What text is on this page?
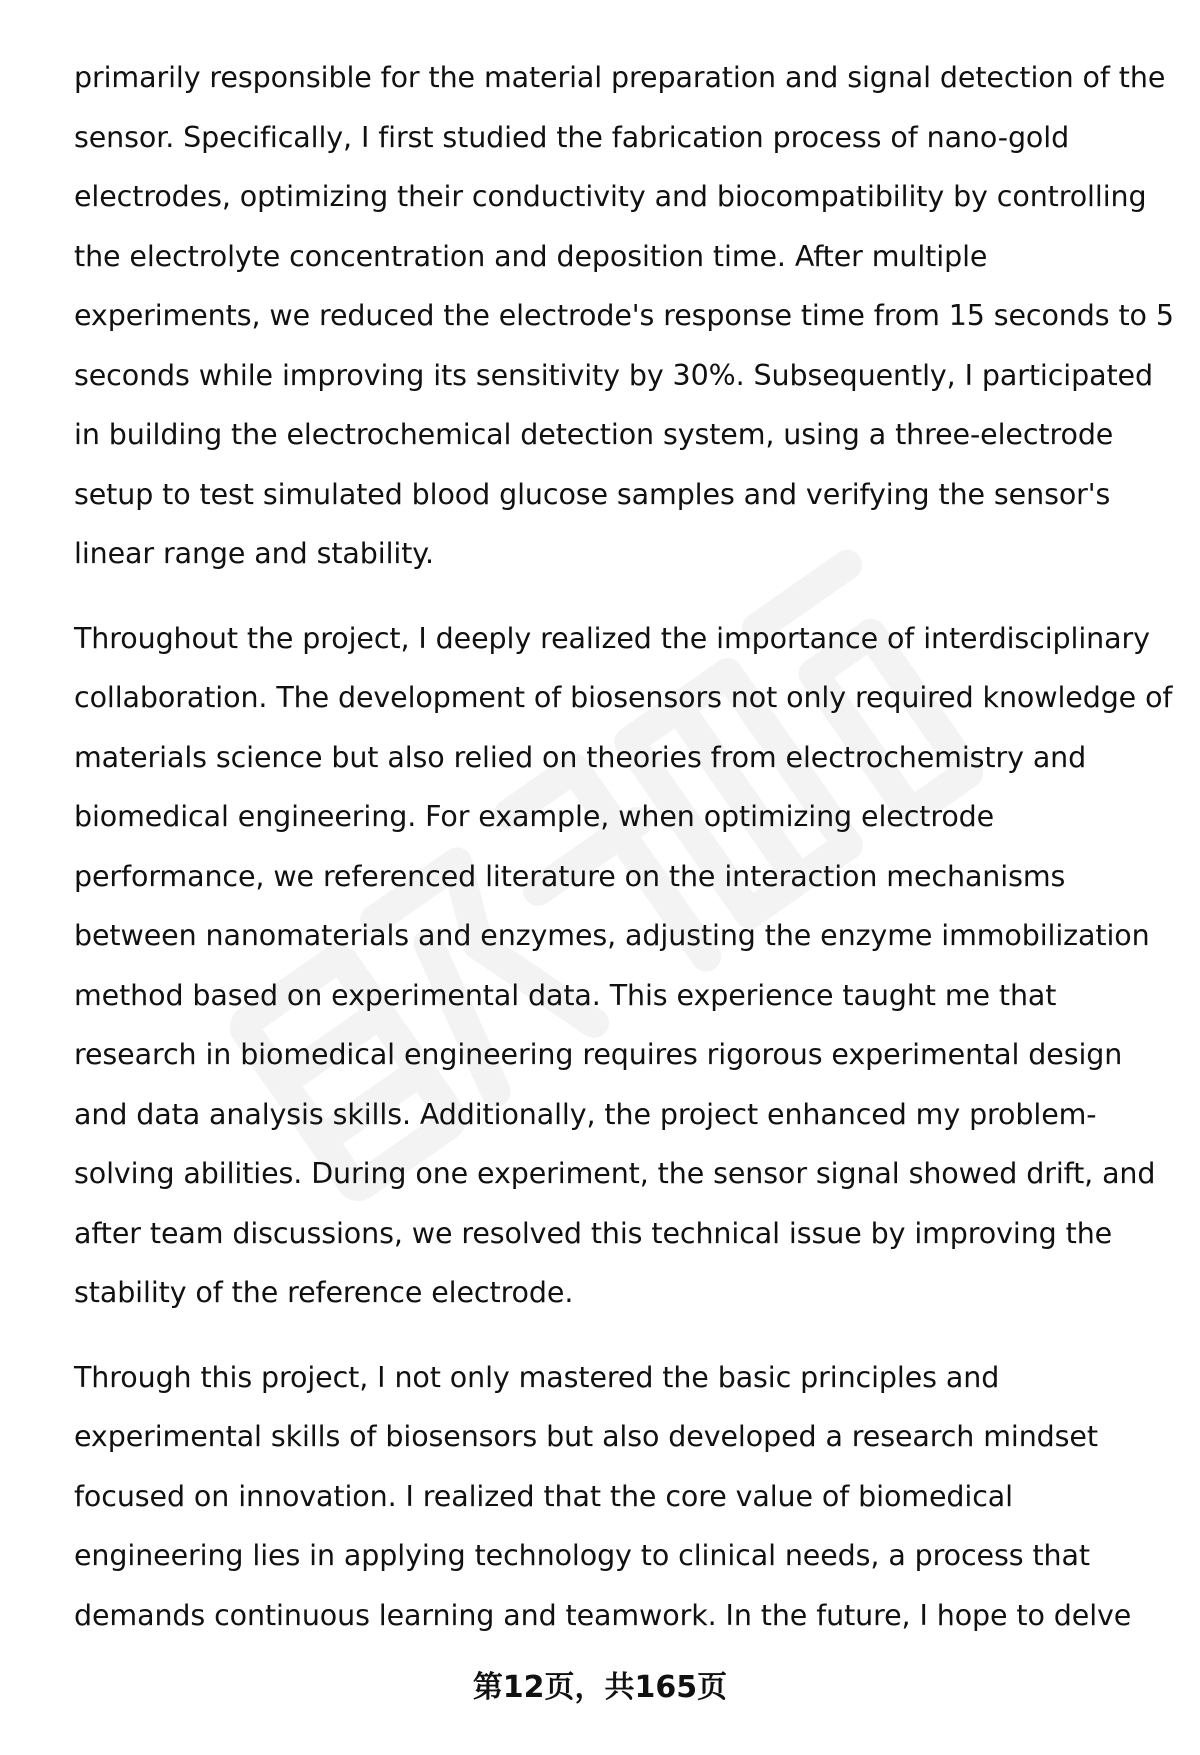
primarily responsible for the material preparation and signal detection of the sensor. Specifically, I first studied the fabrication process of nano-gold electrodes, optimizing their conductivity and biocompatibility by controlling the electrolyte concentration and deposition time. After multiple experiments, we reduced the electrode's response time from 15 seconds to 5 seconds while improving its sensitivity by 30%. Subsequently, I participated in building the electrochemical detection system, using a three-electrode setup to test simulated blood glucose samples and verifying the sensor's linear range and stability.

Throughout the project, I deeply realized the importance of interdisciplinary collaboration. The development of biosensors not only required knowledge of materials science but also relied on theories from electrochemistry and biomedical engineering. For example, when optimizing electrode performance, we referenced literature on the interaction mechanisms between nanomaterials and enzymes, adjusting the enzyme immobilization method based on experimental data. This experience taught me that research in biomedical engineering requires rigorous experimental design and data analysis skills. Additionally, the project enhanced my problem-solving abilities. During one experiment, the sensor signal showed drift, and after team discussions, we resolved this technical issue by improving the stability of the reference electrode.

Through this project, I not only mastered the basic principles and experimental skills of biosensors but also developed a research mindset focused on innovation. I realized that the core value of biomedical engineering lies in applying technology to clinical needs, a process that demands continuous learning and teamwork. In the future, I hope to delve

第12页，共165页
